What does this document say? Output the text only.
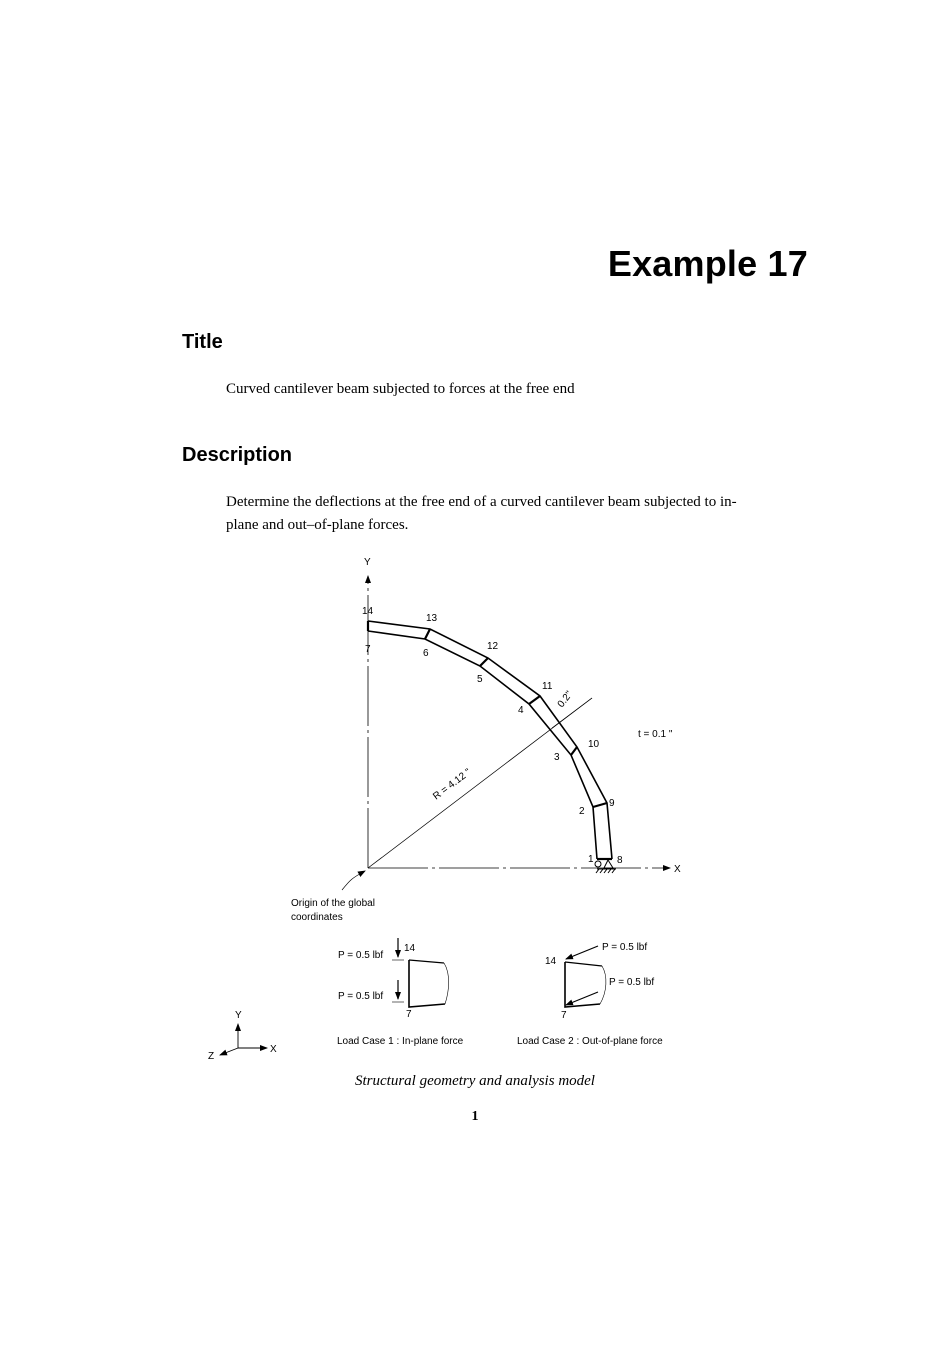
Example 17
Title

Curved cantilever beam subjected to forces at the free end

Description

Determine the deflections at the free end of a curved cantilever beam subjected to in-

plane and out–of-plane forces.

Y
X
R = 4.12 "
0.2"
t = 0.1 "
1
2
3
4
5
6
7
8
9
10
11
12
13
14
Origin of the global
coordinates
P = 0.5 lbf
P = 0.5 lbf
14
7
Load Case 1 : In-plane force
P = 0.5 lbf
P = 0.5 lbf
14
7
Load Case 2 : Out-of-plane force
Y
X
Z

Structural geometry and analysis model

1
